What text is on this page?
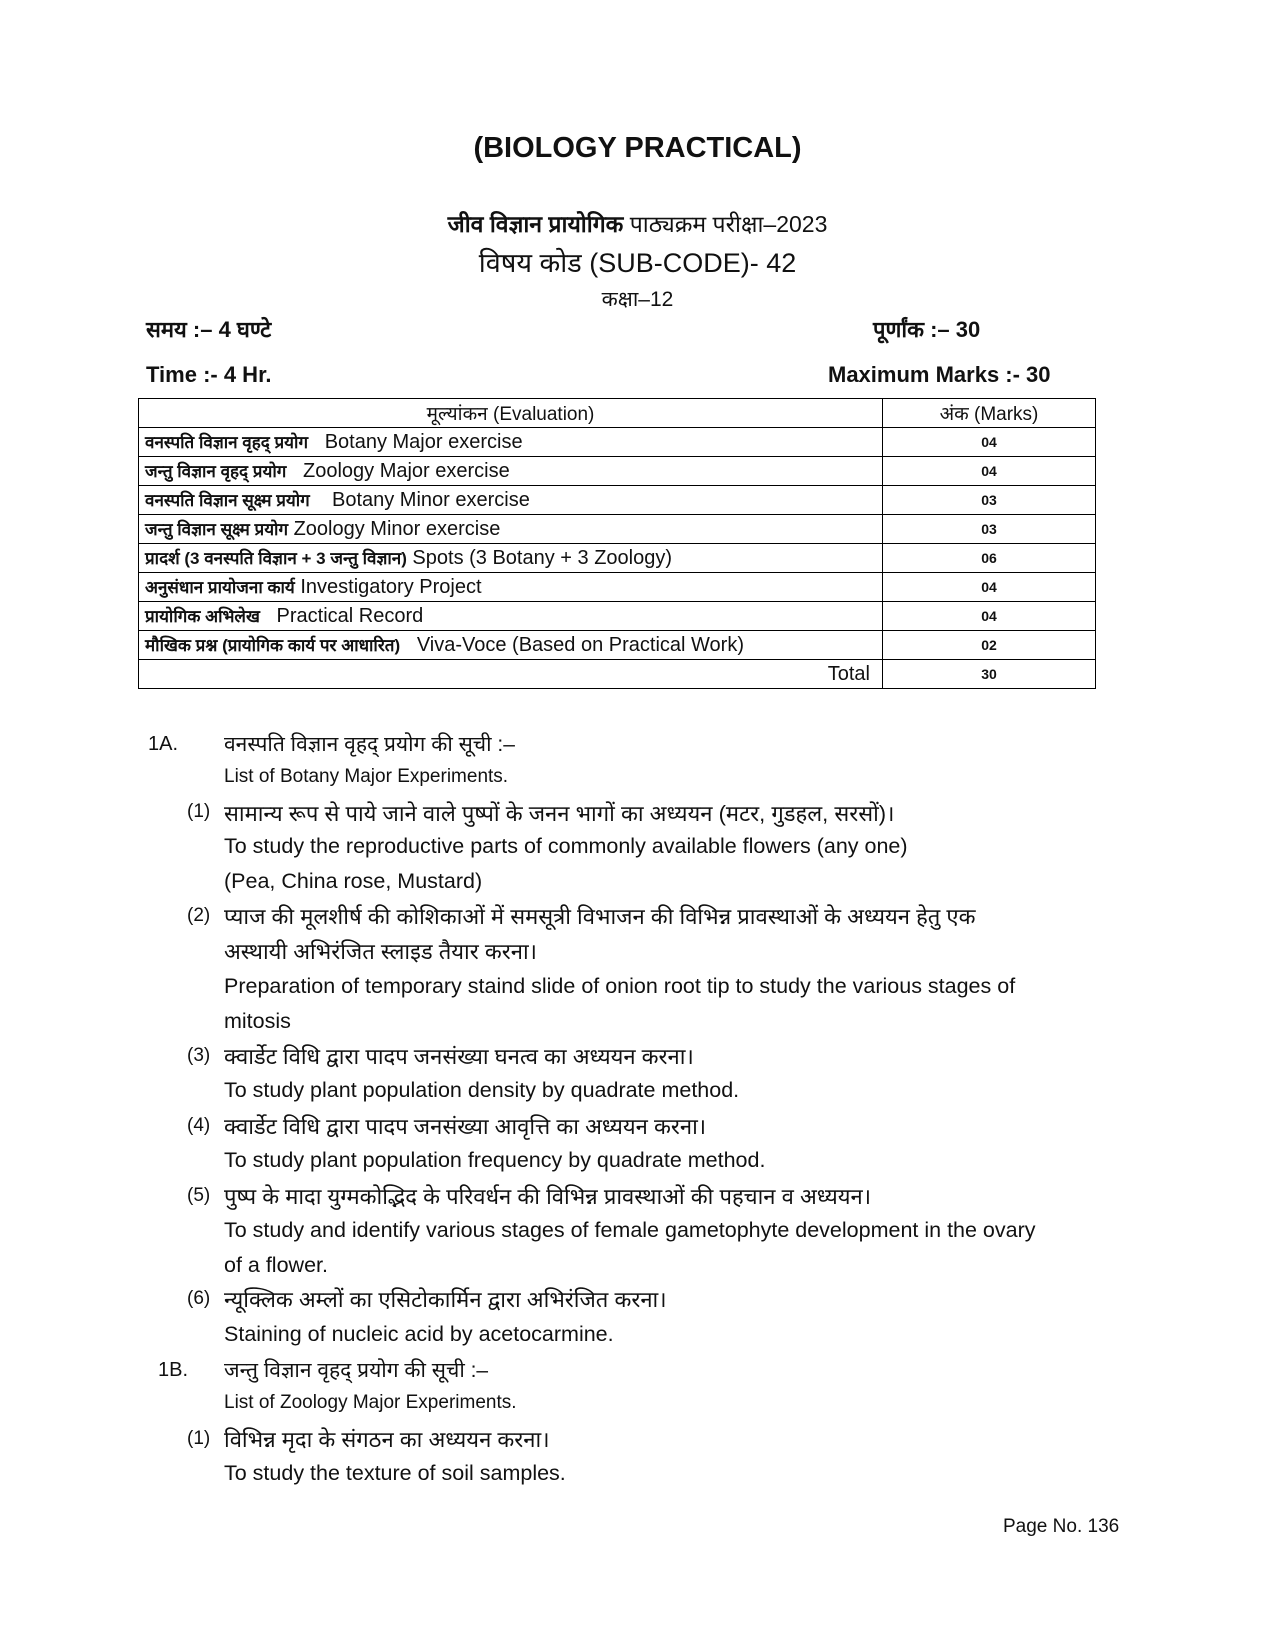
(BIOLOGY PRACTICAL)
जीव विज्ञान प्रायोगिक पाठ्यक्रम परीक्षा–2023
विषय कोड (SUB-CODE)- 42
कक्षा–12
समय :– 4 घण्टे	पूर्णांक :– 30
Time :- 4 Hr.	Maximum Marks :- 30
मूल्यांकन (Evaluation)	अंक (Marks)
वनस्पति विज्ञान वृहद् प्रयोग Botany Major exercise	04
जन्तु विज्ञान वृहद् प्रयोग Zoology Major exercise	04
वनस्पति विज्ञान सूक्ष्म प्रयोग Botany Minor exercise	03
जन्तु विज्ञान सूक्ष्म प्रयोग Zoology Minor exercise	03
प्रादर्श (3 वनस्पति विज्ञान + 3 जन्तु विज्ञान) Spots (3 Botany + 3 Zoology)	06
अनुसंधान प्रायोजना कार्य Investigatory Project	04
प्रायोगिक अभिलेख Practical Record	04
मौखिक प्रश्न (प्रायोगिक कार्य पर आधारित) Viva-Voce (Based on Practical Work)	02
Total	30
1A. वनस्पति विज्ञान वृहद् प्रयोग की सूची :–
List of Botany Major Experiments.
(1) सामान्य रूप से पाये जाने वाले पुष्पों के जनन भागों का अध्ययन (मटर, गुडहल, सरसों)।
To study the reproductive parts of commonly available flowers (any one)
(Pea, China rose, Mustard)
(2) प्याज की मूलशीर्ष की कोशिकाओं में समसूत्री विभाजन की विभिन्न प्रावस्थाओं के अध्ययन हेतु एक
अस्थायी अभिरंजित स्लाइड तैयार करना।
Preparation of temporary staind slide of onion root tip to study the various stages of
mitosis
(3) क्वार्डेट विधि द्वारा पादप जनसंख्या घनत्व का अध्ययन करना।
To study plant population density by quadrate method.
(4) क्वार्डेट विधि द्वारा पादप जनसंख्या आवृत्ति का अध्ययन करना।
To study plant population frequency by quadrate method.
(5) पुष्प के मादा युग्मकोद्भिद के परिवर्धन की विभिन्न प्रावस्थाओं की पहचान व अध्ययन।
To study and identify various stages of female gametophyte development in the ovary
of a flower.
(6) न्यूक्लिक अम्लों का एसिटोकार्मिन द्वारा अभिरंजित करना।
Staining of nucleic acid by acetocarmine.
1B. जन्तु विज्ञान वृहद् प्रयोग की सूची :–
List of Zoology Major Experiments.
(1) विभिन्न मृदा के संगठन का अध्ययन करना।
To study the texture of soil samples.
Page No. 136
